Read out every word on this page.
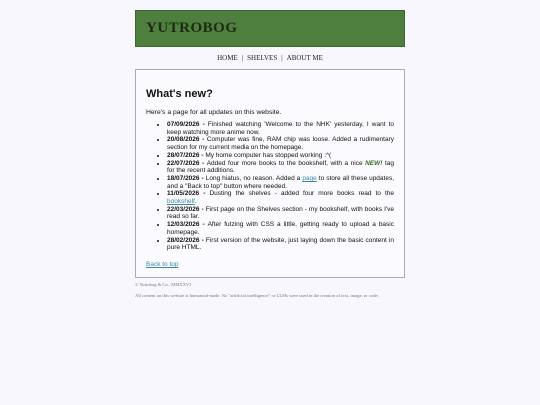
YUTROBOG
HOME | SHELVES | ABOUT ME
What's new?

Here's a page for all updates on this website.

• 07/09/2026 - Finished watching 'Welcome to the NHK' yesterday, I want to keep watching more anime now.
• 20/08/2026 - Computer was fine, RAM chip was loose. Added a rudimentary section for my current media on the homepage.
• 28/07/2026 - My home computer has stopped working :^(
• 22/07/2026 - Added four more books to the bookshelf, with a nice NEW! tag for the recent additions.
• 18/07/2026 - Long hiatus, no reason. Added a page to store all these updates, and a "Back to top" button where needed.
• 11/05/2026 - Dusting the shelves - added four more books read to the bookshelf.
• 22/03/2026 - First page on the Shelves section - my bookshelf, with books I've read so far.
• 12/03/2026 - After futzing with CSS a little, getting ready to upload a basic homepage.
• 28/02/2026 - First version of the website, just laying down the basic content in pure HTML.
Back to top

© Yutrobog & Co., MMXXVI

All content on this website is humanoid-made. No "artificial intelligence" or LLMs were used in the creation of text, image, or code.
